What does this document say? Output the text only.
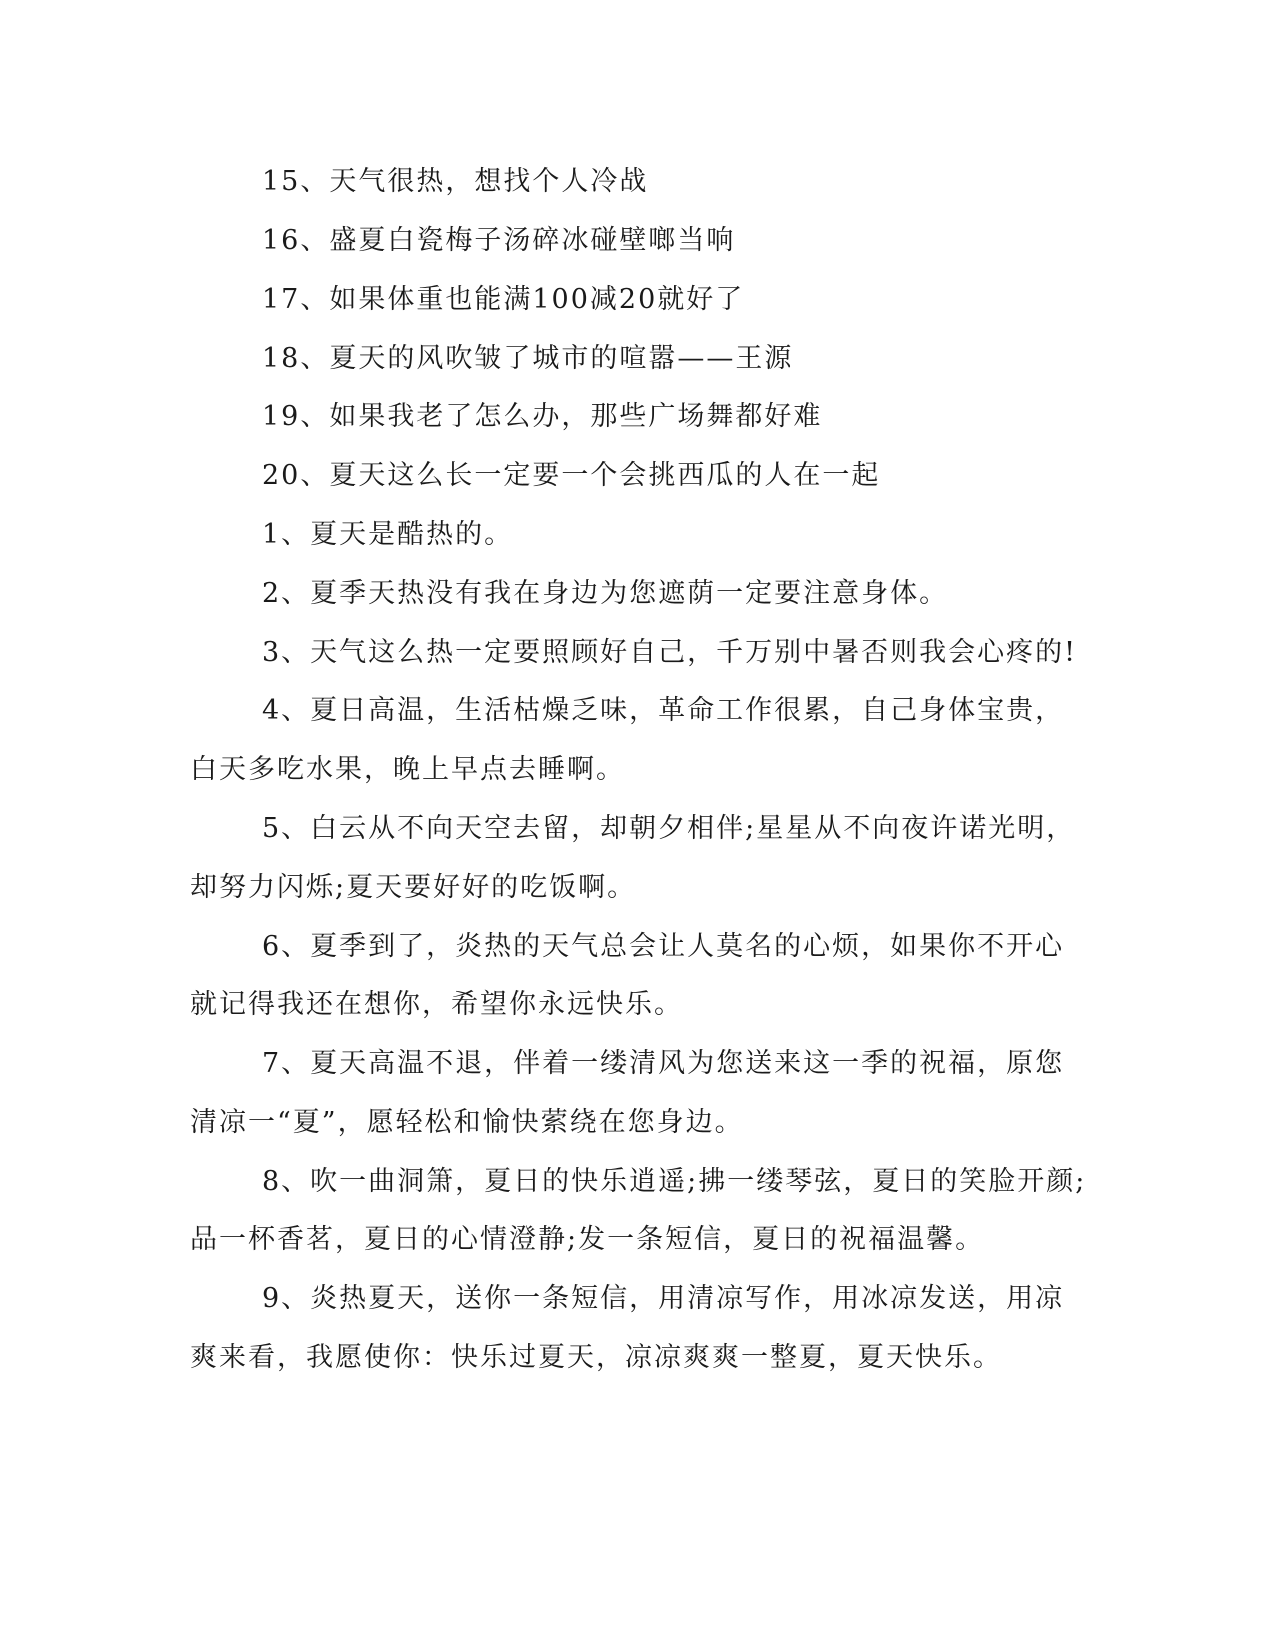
15、天气很热，想找个人冷战
16、盛夏白瓷梅子汤碎冰碰壁啷当响
17、如果体重也能满100减20就好了
18、夏天的风吹皱了城市的喧嚣——王源
19、如果我老了怎么办，那些广场舞都好难
20、夏天这么长一定要一个会挑西瓜的人在一起
1、夏天是酷热的。
2、夏季天热没有我在身边为您遮荫一定要注意身体。
3、天气这么热一定要照顾好自己，千万别中暑否则我会心疼的!
4、夏日高温，生活枯燥乏味，革命工作很累，自己身体宝贵，
白天多吃水果，晚上早点去睡啊。
5、白云从不向天空去留，却朝夕相伴;星星从不向夜许诺光明，
却努力闪烁;夏天要好好的吃饭啊。
6、夏季到了，炎热的天气总会让人莫名的心烦，如果你不开心
就记得我还在想你，希望你永远快乐。
7、夏天高温不退，伴着一缕清风为您送来这一季的祝福，原您
清凉一“夏”，愿轻松和愉快萦绕在您身边。
8、吹一曲洞箫，夏日的快乐逍遥;拂一缕琴弦，夏日的笑脸开颜;
品一杯香茗，夏日的心情澄静;发一条短信，夏日的祝福温馨。
9、炎热夏天，送你一条短信，用清凉写作，用冰凉发送，用凉
爽来看，我愿使你：快乐过夏天，凉凉爽爽一整夏，夏天快乐。
